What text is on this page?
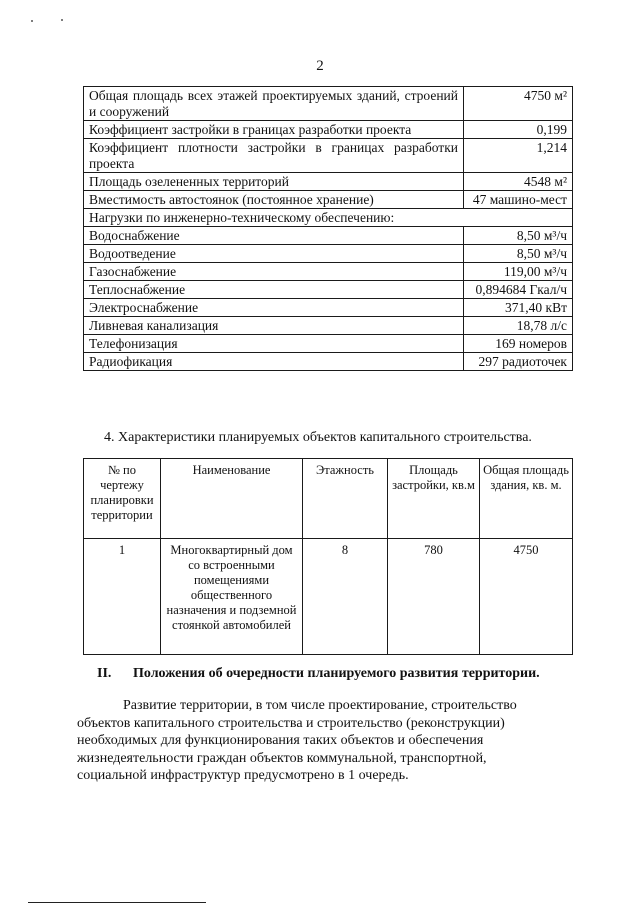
2
Общая площадь всех этажей проектируемых зданий, строений и сооружений	4750 м²
Коэффициент застройки в границах разработки проекта	0,199
Коэффициент плотности застройки в границах разработки проекта	1,214
Площадь озелененных территорий	4548 м²
Вместимость автостоянок (постоянное хранение)	47 машино-мест
Нагрузки по инженерно-техническому обеспечению:	
Водоснабжение	8,50 м³/ч
Водоотведение	8,50 м³/ч
Газоснабжение	119,00 м³/ч
Теплоснабжение	0,894684 Гкал/ч
Электроснабжение	371,40 кВт
Ливневая канализация	18,78 л/с
Телефонизация	169 номеров
Радиофикация	297 радиоточек
4. Характеристики планируемых объектов капитального строительства.
№ по чертежу планировки территории	Наименование	Этажность	Площадь застройки, кв.м	Общая площадь здания, кв. м.
1	Многоквартирный дом со встроенными помещениями общественного назначения и подземной стоянкой автомобилей	8	780	4750
II. Положения об очередности планируемого развития территории.
Развитие территории, в том числе проектирование, строительство
объектов капитального строительства и строительство (реконструкции)
необходимых для функционирования таких объектов и обеспечения
жизнедеятельности граждан объектов коммунальной, транспортной,
социальной инфраструктур предусмотрено в 1 очередь.
